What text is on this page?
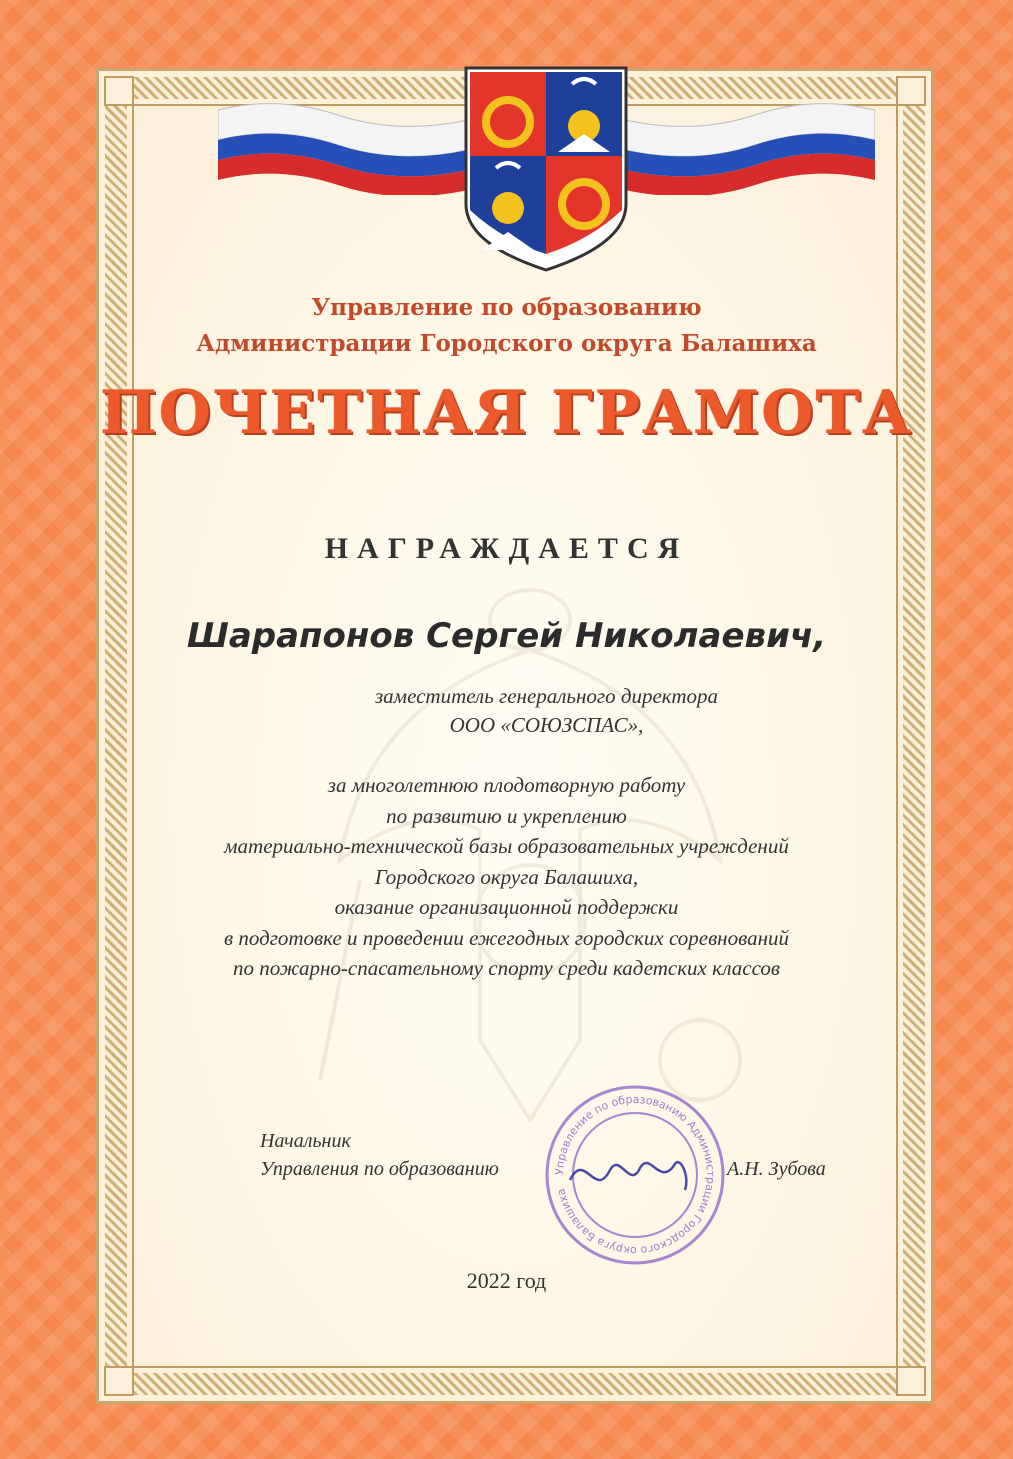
Управление по образованию
Администрации Городского округа Балашиха
ПОЧЕТНАЯ ГРАМОТА
НАГРАЖДАЕТСЯ
Шарапонов Сергей Николаевич,
заместитель генерального директора
ООО «СОЮЗСПАС»,
за многолетнюю плодотворную работу
по развитию и укреплению
материально-технической базы образовательных учреждений
Городского округа Балашиха,
оказание организационной поддержки
в подготовке и проведении ежегодных городских соревнований
по пожарно-спасательному спорту среди кадетских классов
Начальник
Управления по образованию	А.Н. Зубова
Управление по образованию Администрации Городского округа Балашиха
2022 год
